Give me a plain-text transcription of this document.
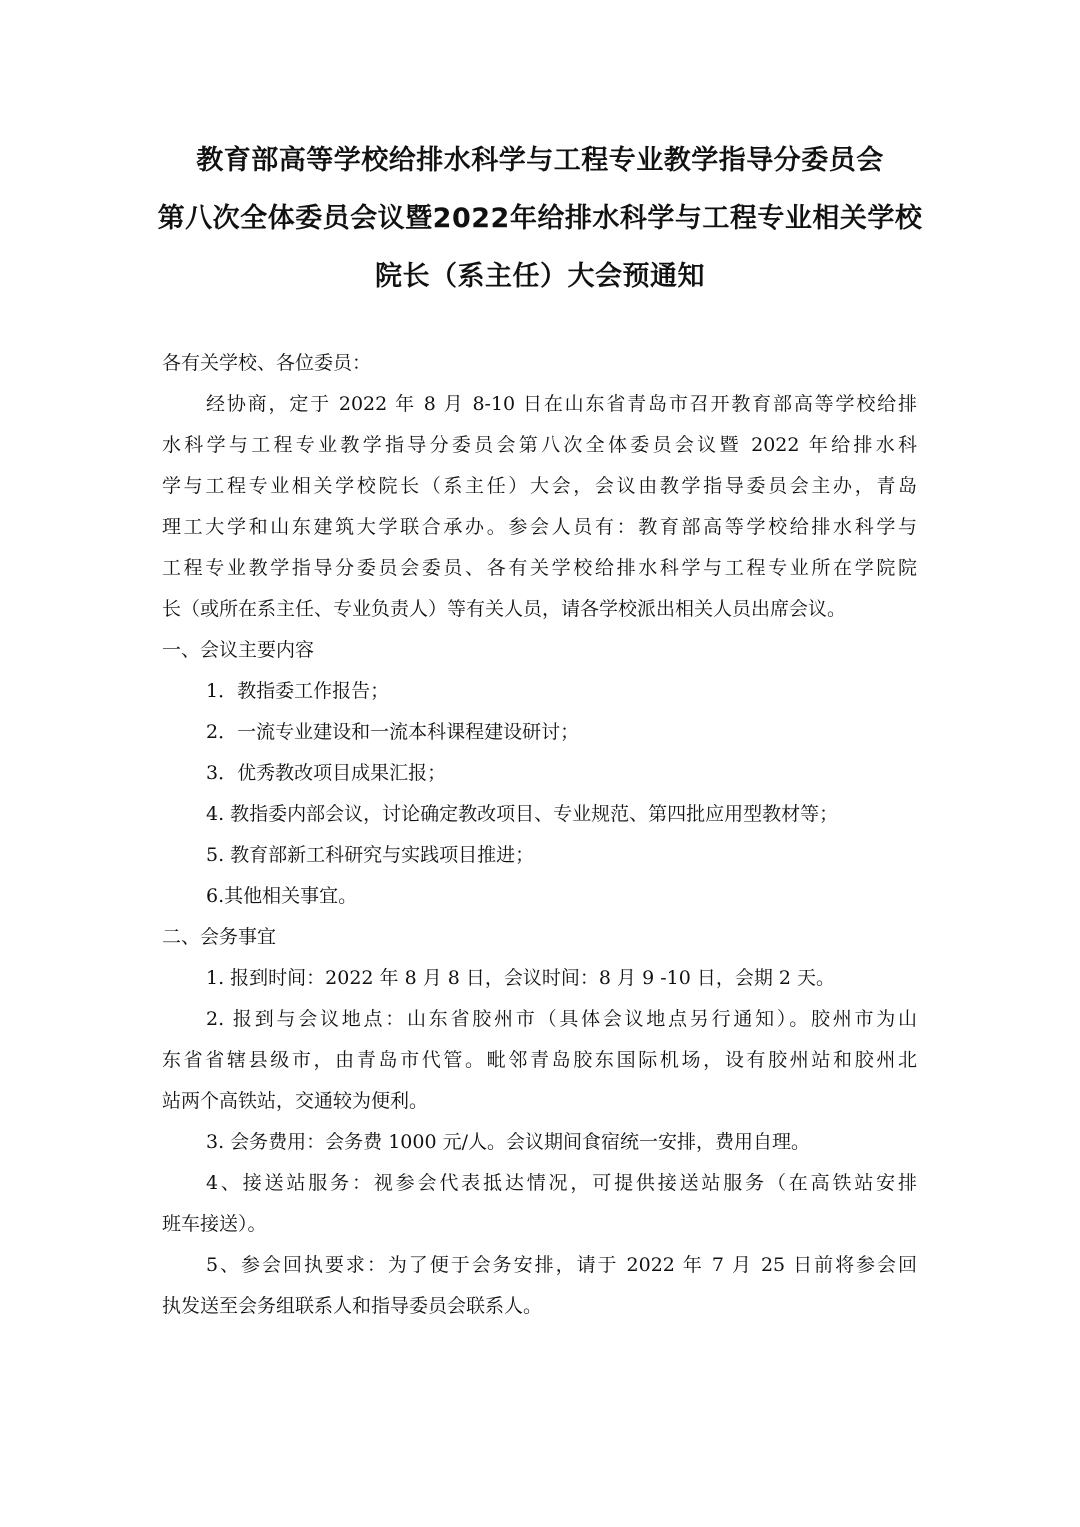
教育部高等学校给排水科学与工程专业教学指导分委员会
第八次全体委员会议暨2022年给排水科学与工程专业相关学校
院长（系主任）大会预通知
各有关学校、各位委员：
经协商，定于 2022 年 8 月 8-10 日在山东省青岛市召开教育部高等学校给排
水科学与工程专业教学指导分委员会第八次全体委员会议暨 2022 年给排水科
学与工程专业相关学校院长（系主任）大会，会议由教学指导委员会主办，青岛
理工大学和山东建筑大学联合承办。参会人员有：教育部高等学校给排水科学与
工程专业教学指导分委员会委员、各有关学校给排水科学与工程专业所在学院院
长（或所在系主任、专业负责人）等有关人员，请各学校派出相关人员出席会议。
一、会议主要内容
1．教指委工作报告；
2．一流专业建设和一流本科课程建设研讨；
3．优秀教改项目成果汇报；
4. 教指委内部会议，讨论确定教改项目、专业规范、第四批应用型教材等；
5. 教育部新工科研究与实践项目推进；
6.其他相关事宜。
二、会务事宜
1. 报到时间：2022 年 8 月 8 日，会议时间：8 月 9 -10 日，会期 2 天。
2. 报到与会议地点：山东省胶州市（具体会议地点另行通知）。胶州市为山
东省省辖县级市，由青岛市代管。毗邻青岛胶东国际机场，设有胶州站和胶州北
站两个高铁站，交通较为便利。
3. 会务费用：会务费 1000 元/人。会议期间食宿统一安排，费用自理。
4、接送站服务：视参会代表抵达情况，可提供接送站服务（在高铁站安排
班车接送）。
5、参会回执要求：为了便于会务安排，请于 2022 年 7 月 25 日前将参会回
执发送至会务组联系人和指导委员会联系人。
